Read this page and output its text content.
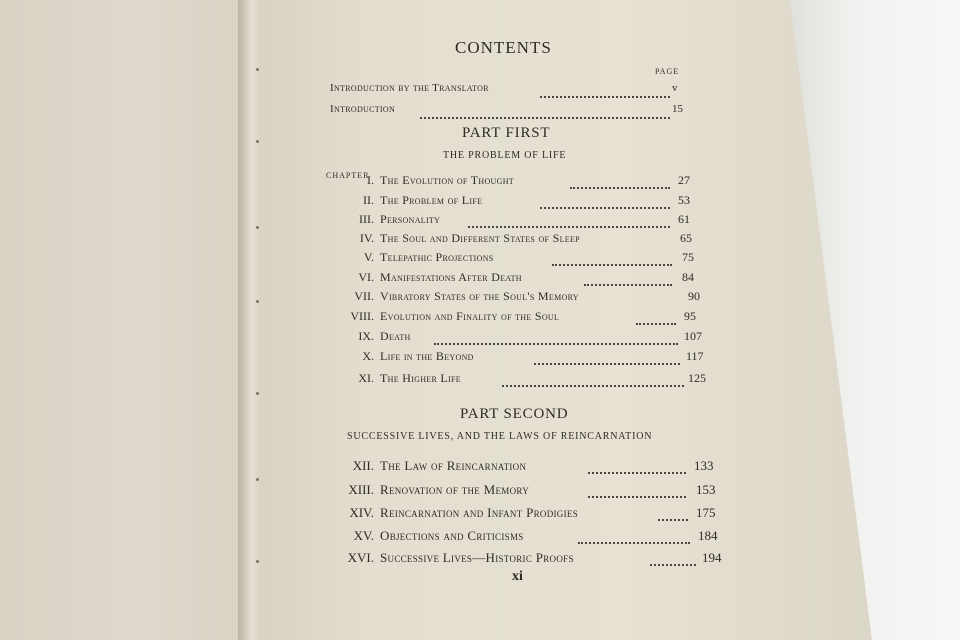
CONTENTS
PAGE
Introduction by the Translator	v
Introduction	15
PART FIRST
THE PROBLEM OF LIFE
CHAPTER
I. The Evolution of Thought	27
II. The Problem of Life	53
III. Personality	61
IV. The Soul and Different States of Sleep	65
V. Telepathic Projections	75
VI. Manifestations After Death	84
VII. Vibratory States of the Soul's Memory	90
VIII. Evolution and Finality of the Soul	95
IX. Death	107
X. Life in the Beyond	117
XI. The Higher Life	125
PART SECOND
SUCCESSIVE LIVES, AND THE LAWS OF REINCARNATION
XII. The Law of Reincarnation	133
XIII. Renovation of the Memory	153
XIV. Reincarnation and Infant Prodigies	175
XV. Objections and Criticisms	184
XVI. Successive Lives—Historic Proofs	194
xi
